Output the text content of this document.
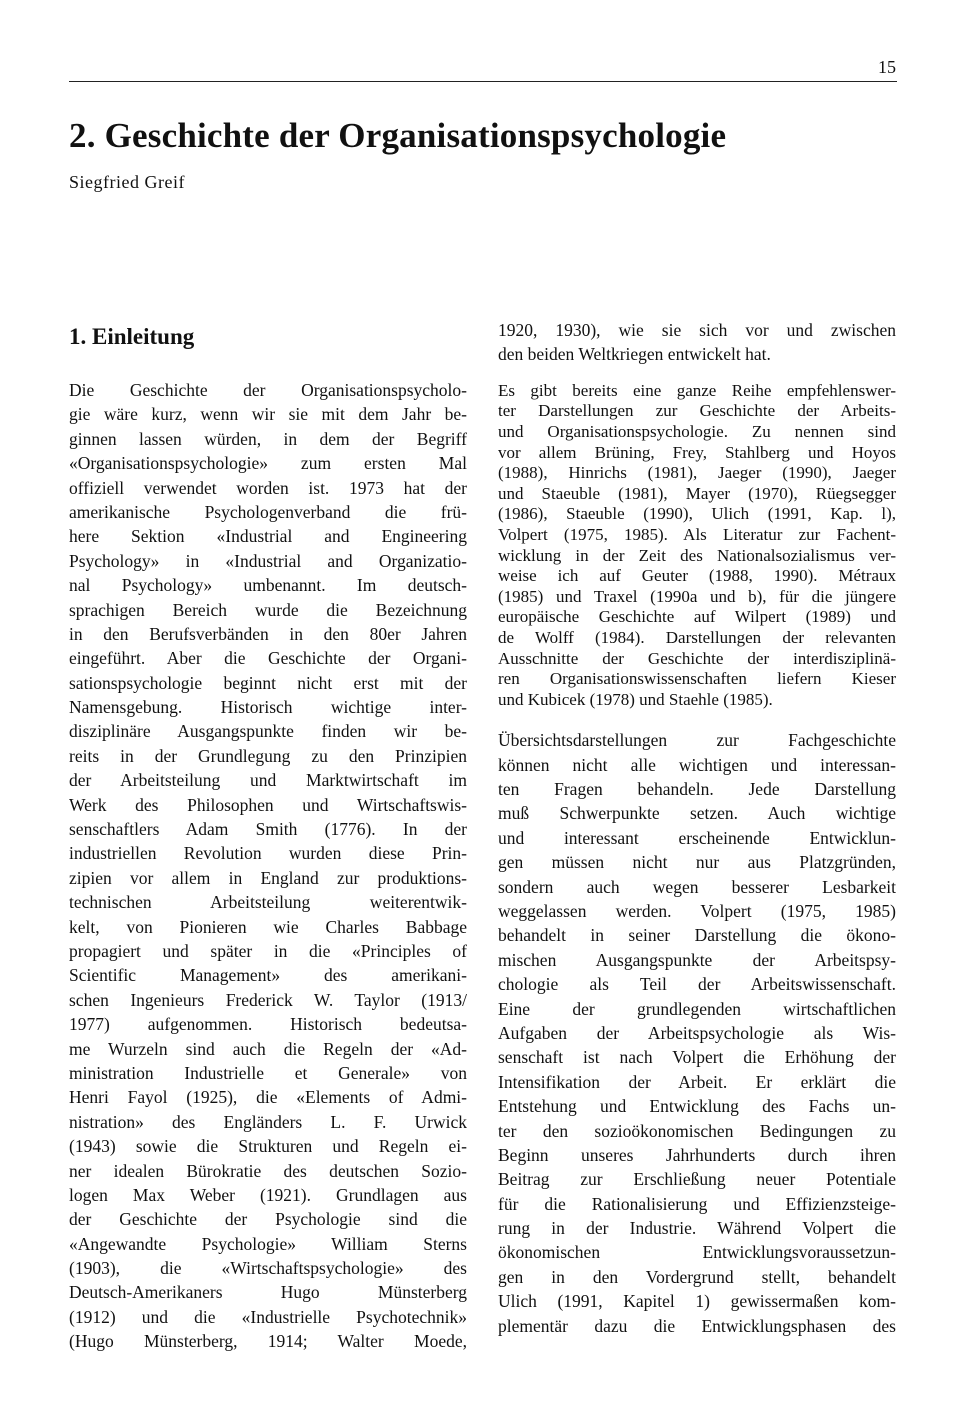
15
2. Geschichte der Organisationspsychologie
Siegfried Greif
1. Einleitung
Die Geschichte der Organisationspsycholo-
gie wäre kurz, wenn wir sie mit dem Jahr be-
ginnen lassen würden, in dem der Begriff
«Organisationspsychologie» zum ersten Mal
offiziell verwendet worden ist. 1973 hat der
amerikanische Psychologenverband die frü-
here Sektion «Industrial and Engineering
Psychology» in «Industrial and Organizatio-
nal Psychology» umbenannt. Im deutsch-
sprachigen Bereich wurde die Bezeichnung
in den Berufsverbänden in den 80er Jahren
eingeführt. Aber die Geschichte der Organi-
sationspsychologie beginnt nicht erst mit der
Namensgebung. Historisch wichtige inter-
disziplinäre Ausgangspunkte finden wir be-
reits in der Grundlegung zu den Prinzipien
der Arbeitsteilung und Marktwirtschaft im
Werk des Philosophen und Wirtschaftswis-
senschaftlers Adam Smith (1776). In der
industriellen Revolution wurden diese Prin-
zipien vor allem in England zur produktions-
technischen Arbeitsteilung weiterentwik-
kelt, von Pionieren wie Charles Babbage
propagiert und später in die «Principles of
Scientific Management» des amerikani-
schen Ingenieurs Frederick W. Taylor (1913/
1977) aufgenommen. Historisch bedeutsa-
me Wurzeln sind auch die Regeln der «Ad-
ministration Industrielle et Generale» von
Henri Fayol (1925), die «Elements of Admi-
nistration» des Engländers L. F. Urwick
(1943) sowie die Strukturen und Regeln ei-
ner idealen Bürokratie des deutschen Sozio-
logen Max Weber (1921). Grundlagen aus
der Geschichte der Psychologie sind die
«Angewandte Psychologie» William Sterns
(1903), die «Wirtschaftspsychologie» des
Deutsch-Amerikaners Hugo Münsterberg
(1912) und die «Industrielle Psychotechnik»
(Hugo Münsterberg, 1914; Walter Moede,
1920, 1930), wie sie sich vor und zwischen
den beiden Weltkriegen entwickelt hat.
Es gibt bereits eine ganze Reihe empfehlenswer-
ter Darstellungen zur Geschichte der Arbeits-
und Organisationspsychologie. Zu nennen sind
vor allem Brüning, Frey, Stahlberg und Hoyos
(1988), Hinrichs (1981), Jaeger (1990), Jaeger
und Staeuble (1981), Mayer (1970), Rüegsegger
(1986), Staeuble (1990), Ulich (1991, Kap. l),
Volpert (1975, 1985). Als Literatur zur Fachent-
wicklung in der Zeit des Nationalsozialismus ver-
weise ich auf Geuter (1988, 1990). Métraux
(1985) und Traxel (1990a und b), für die jüngere
europäische Geschichte auf Wilpert (1989) und
de Wolff (1984). Darstellungen der relevanten
Ausschnitte der Geschichte der interdisziplinä-
ren Organisationswissenschaften liefern Kieser
und Kubicek (1978) und Staehle (1985).
Übersichtsdarstellungen zur Fachgeschichte
können nicht alle wichtigen und interessan-
ten Fragen behandeln. Jede Darstellung
muß Schwerpunkte setzen. Auch wichtige
und interessant erscheinende Entwicklun-
gen müssen nicht nur aus Platzgründen,
sondern auch wegen besserer Lesbarkeit
weggelassen werden. Volpert (1975, 1985)
behandelt in seiner Darstellung die ökono-
mischen Ausgangspunkte der Arbeitspsy-
chologie als Teil der Arbeitswissenschaft.
Eine der grundlegenden wirtschaftlichen
Aufgaben der Arbeitspsychologie als Wis-
senschaft ist nach Volpert die Erhöhung der
Intensifikation der Arbeit. Er erklärt die
Entstehung und Entwicklung des Fachs un-
ter den sozioökonomischen Bedingungen zu
Beginn unseres Jahrhunderts durch ihren
Beitrag zur Erschließung neuer Potentiale
für die Rationalisierung und Effizienzsteige-
rung in der Industrie. Während Volpert die
ökonomischen Entwicklungsvoraussetzun-
gen in den Vordergrund stellt, behandelt
Ulich (1991, Kapitel 1) gewissermaßen kom-
plementär dazu die Entwicklungsphasen des
